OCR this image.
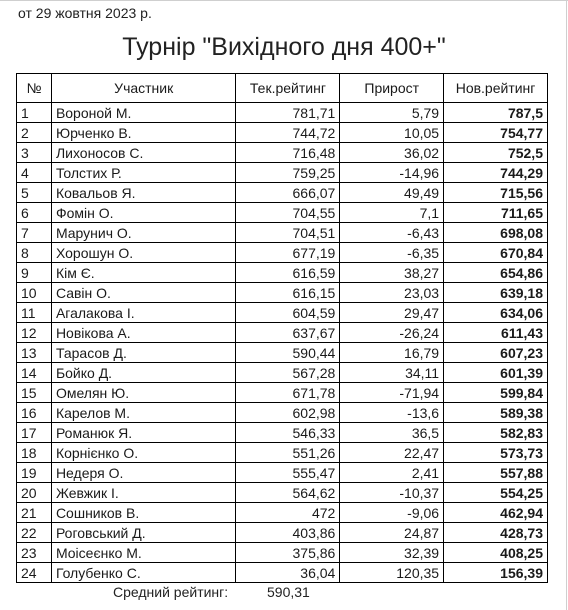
от 29 жовтня 2023 р.
Турнір "Вихідного дня 400+"
№	Участник	Тек.рейтинг	Прирост	Нов.рейтинг
1	Вороной М.	781,71	5,79	787,5
2	Юрченко В.	744,72	10,05	754,77
3	Лихоносов С.	716,48	36,02	752,5
4	Толстих Р.	759,25	-14,96	744,29
5	Ковальов Я.	666,07	49,49	715,56
6	Фомін О.	704,55	7,1	711,65
7	Марунич О.	704,51	-6,43	698,08
8	Хорошун О.	677,19	-6,35	670,84
9	Кім Є.	616,59	38,27	654,86
10	Савін О.	616,15	23,03	639,18
11	Агалакова І.	604,59	29,47	634,06
12	Новікова А.	637,67	-26,24	611,43
13	Тарасов Д.	590,44	16,79	607,23
14	Бойко Д.	567,28	34,11	601,39
15	Омелян Ю.	671,78	-71,94	599,84
16	Карелов М.	602,98	-13,6	589,38
17	Романюк Я.	546,33	36,5	582,83
18	Корнієнко О.	551,26	22,47	573,73
19	Недеря О.	555,47	2,41	557,88
20	Жевжик І.	564,62	-10,37	554,25
21	Сошников В.	472	-9,06	462,94
22	Роговський Д.	403,86	24,87	428,73
23	Моісеєнко М.	375,86	32,39	408,25
24	Голубенко С.	36,04	120,35	156,39
Средний рейтинг:	590,31
